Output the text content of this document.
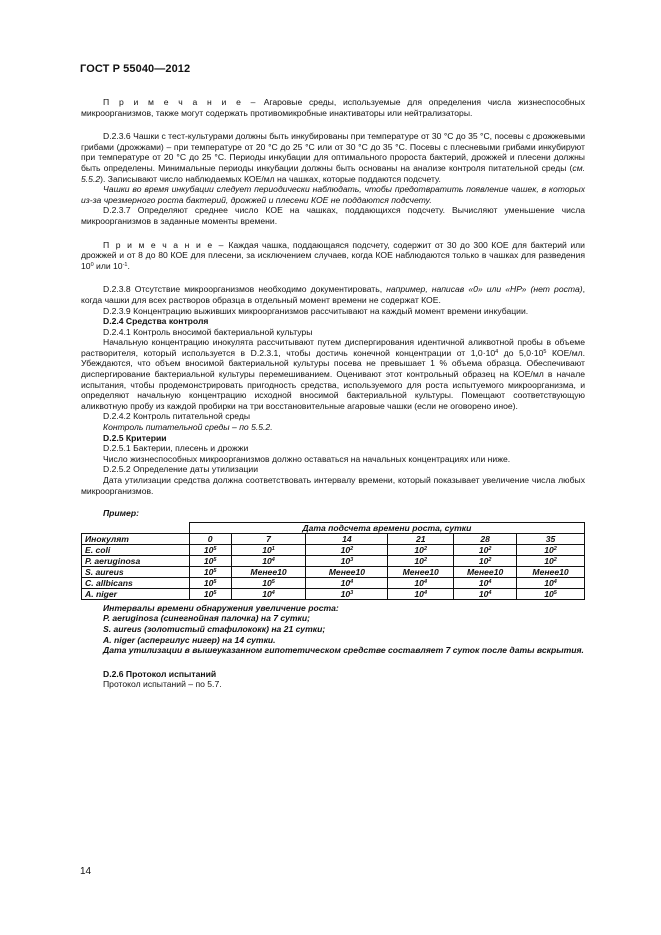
ГОСТ Р 55040—2012

П р и м е ч а н и е – Агаровые среды, используемые для определения числа жизнеспособных микроорганизмов, также могут содержать противомикробные инактиваторы или нейтрализаторы.

D.2.3.6 Чашки с тест-культурами должны быть инкубированы при температуре от 30 °С до 35 °С, посевы с дрожжевыми грибами (дрожжами) – при температуре от 20 °С до 25 °С или от 30 °С до 35 °С. Посевы с плесневыми грибами инкубируют при температуре от 20 °С до 25 °С. Периоды инкубации для оптимального пророста бактерий, дрожжей и плесени должны быть определены. Минимальные периоды инкубации должны быть основаны на анализе контроля питательной среды (см. 5.5.2). Записывают число наблюдаемых КОЕ/мл на чашках, которые поддаются подсчету.

Чашки во время инкубации следует периодически наблюдать, чтобы предотвратить появление чашек, в которых из-за чрезмерного роста бактерий, дрожжей и плесени КОЕ не поддаются подсчету.

D.2.3.7 Определяют среднее число КОЕ на чашках, поддающихся подсчету. Вычисляют уменьшение числа микроорганизмов в заданные моменты времени.

П р и м е ч а н и е – Каждая чашка, поддающаяся подсчету, содержит от 30 до 300 КОЕ для бактерий или дрожжей и от 8 до 80 КОЕ для плесени, за исключением случаев, когда КОЕ наблюдаются только в чашках для разведения $10^0$ или $10^{-1}$.

D.2.3.8 Отсутствие микроорганизмов необходимо документировать, например, написав «0» или «НР» (нет роста), когда чашки для всех растворов образца в отдельный момент времени не содержат КОЕ.

D.2.3.9 Концентрацию выживших микроорганизмов рассчитывают на каждый момент времени инкубации.

D.2.4 Средства контроля

D.2.4.1 Контроль вносимой бактериальной культуры

Начальную концентрацию инокулята рассчитывают путем диспергирования идентичной аликвотной пробы в объеме растворителя, который используется в D.2.3.1, чтобы достичь конечной концентрации от $1,0\cdot 10^4$ до $5,0\cdot 10^5$ КОЕ/мл. Убеждаются, что объем вносимой бактериальной культуры посева не превышает 1 % объема образца. Обеспечивают диспергирование бактериальной культуры перемешиванием. Оценивают этот контрольный образец на КОЕ/мл в начале испытания, чтобы продемонстрировать пригодность средства, используемого для роста испытуемого микроорганизма, и определяют начальную концентрацию исходной вносимой бактериальной культуры. Помещают соответствующую аликвотную пробу из каждой пробирки на три восстановительные агаровые чашки (если не оговорено иное).

D.2.4.2 Контроль питательной среды

Контроль питательной среды – по 5.5.2.

D.2.5 Критерии

D.2.5.1 Бактерии, плесень и дрожжи

Число жизнеспособных микроорганизмов должно оставаться на начальных концентрациях или ниже.

D.2.5.2 Определение даты утилизации

Дата утилизации средства должна соответствовать интервалу времени, который показывает увеличение числа любых микроорганизмов.

Пример:
	Дата подсчета времени роста, сутки					
Инокулят	0	7	14	21	28	35
E. coli	$10^5$	$10^1$	$10^2$	$10^2$	$10^2$	$10^2$
P. aeruginosa	$10^5$	$10^4$	$10^3$	$10^2$	$10^2$	$10^2$
S. aureus	$10^5$	Менее10	Менее10	Менее10	Менее10	Менее10
C. allbicans	$10^5$	$10^5$	$10^4$	$10^4$	$10^4$	$10^4$
A. niger	$10^5$	$10^4$	$10^3$	$10^4$	$10^4$	$10^5$

Интервалы времени обнаружения увеличение роста:

P. aeruginosa (синегнойная палочка) на 7 сутки;

S. aureus (золотистый стафилококк) на 21 сутки;

A. niger (аспергилус нигер) на 14 сутки.

Дата утилизации в вышеуказанном гипотетическом средстве составляет 7 суток после даты вскрытия.

D.2.6 Протокол испытаний

Протокол испытаний – по 5.7.

14
